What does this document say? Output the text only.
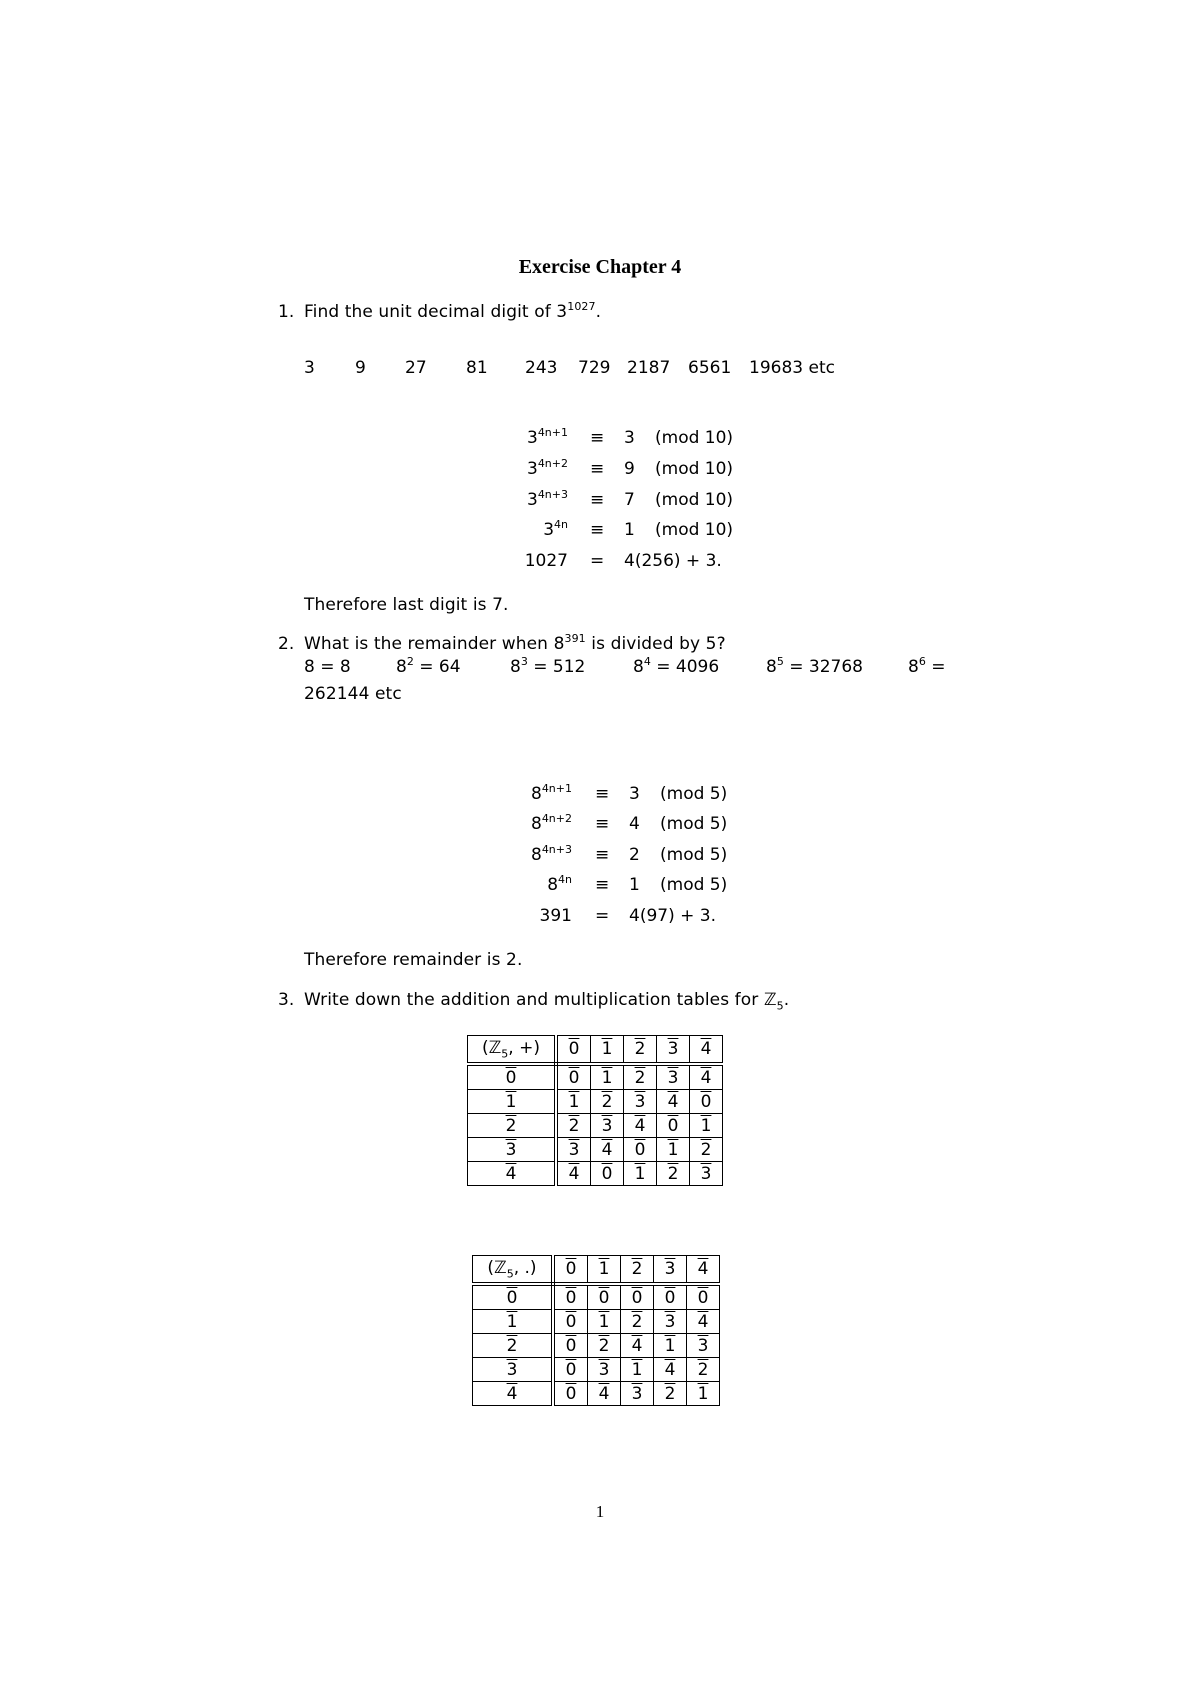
Exercise Chapter 4
1. Find the unit decimal digit of $3^{1027}$.
3 9 27 81 243 729 2187 6561 19683 etc
$3^{4n+1} \equiv 3$ (mod 10)
$3^{4n+2} \equiv 9$ (mod 10)
$3^{4n+3} \equiv 7$ (mod 10)
$3^{4n} \equiv 1$ (mod 10)
1027 = 4(256) + 3.
Therefore last digit is 7.
2. What is the remainder when $8^{391}$ is divided by 5?
8 = 8	$8^2 = 64$	$8^3 = 512$	$8^4 = 4096$	$8^5 = 32768$	$8^6$ =
262144 etc
$8^{4n+1} \equiv 3$ (mod 5)
$8^{4n+2} \equiv 4$ (mod 5)
$8^{4n+3} \equiv 2$ (mod 5)
$8^{4n} \equiv 1$ (mod 5)
391 = 4(97) + 3.
Therefore remainder is 2.
3. Write down the addition and multiplication tables for ℤ$_5$.
(ℤ$_5$, +)	0	1	2	3	4
0	0	1	2	3	4
1	1	2	3	4	0
2	2	3	4	0	1
3	3	4	0	1	2
4	4	0	1	2	3
(ℤ$_5$, .)	0	1	2	3	4
0	0	0	0	0	0
1	0	1	2	3	4
2	0	2	4	1	3
3	0	3	1	4	2
4	0	4	3	2	1
1
